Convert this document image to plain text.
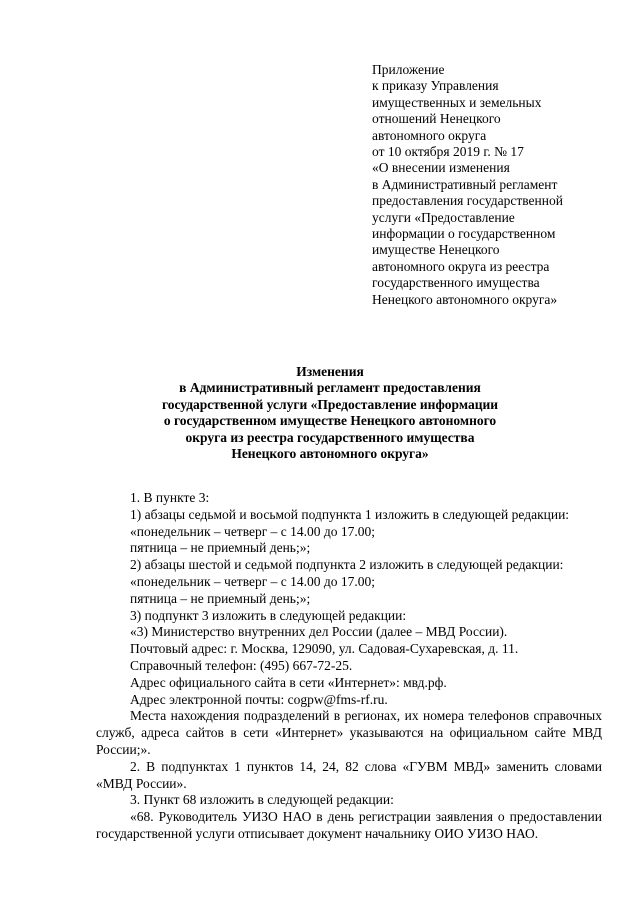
Приложение
к приказу Управления
имущественных и земельных
отношений Ненецкого
автономного округа
от 10 октября 2019 г. № 17
«О внесении изменения
в Административный регламент
предоставления государственной
услуги «Предоставление
информации о государственном
имуществе Ненецкого
автономного округа из реестра
государственного имущества
Ненецкого автономного округа»
Изменения
в Административный регламент предоставления
государственной услуги «Предоставление информации
о государственном имуществе Ненецкого автономного
округа из реестра государственного имущества
Ненецкого автономного округа»
1. В пункте 3:
1) абзацы седьмой и восьмой подпункта 1 изложить в следующей редакции:
«понедельник – четверг – с 14.00 до 17.00;
пятница – не приемный день;»;
2) абзацы шестой и седьмой подпункта 2 изложить в следующей редакции:
«понедельник – четверг – с 14.00 до 17.00;
пятница – не приемный день;»;
3) подпункт 3 изложить в следующей редакции:
«3) Министерство внутренних дел России (далее – МВД России).
Почтовый адрес: г. Москва, 129090, ул. Садовая-Сухаревская, д. 11.
Справочный телефон: (495) 667-72-25.
Адрес официального сайта в сети «Интернет»: мвд.рф.
Адрес электронной почты: cogpw@fms-rf.ru.
Места нахождения подразделений в регионах, их номера телефонов справочных служб, адреса сайтов в сети «Интернет» указываются на официальном сайте МВД России;».
2. В подпунктах 1 пунктов 14, 24, 82 слова «ГУВМ МВД» заменить словами «МВД России».
3. Пункт 68 изложить в следующей редакции:
«68. Руководитель УИЗО НАО в день регистрации заявления о предоставлении государственной услуги отписывает документ начальнику ОИО УИЗО НАО.
